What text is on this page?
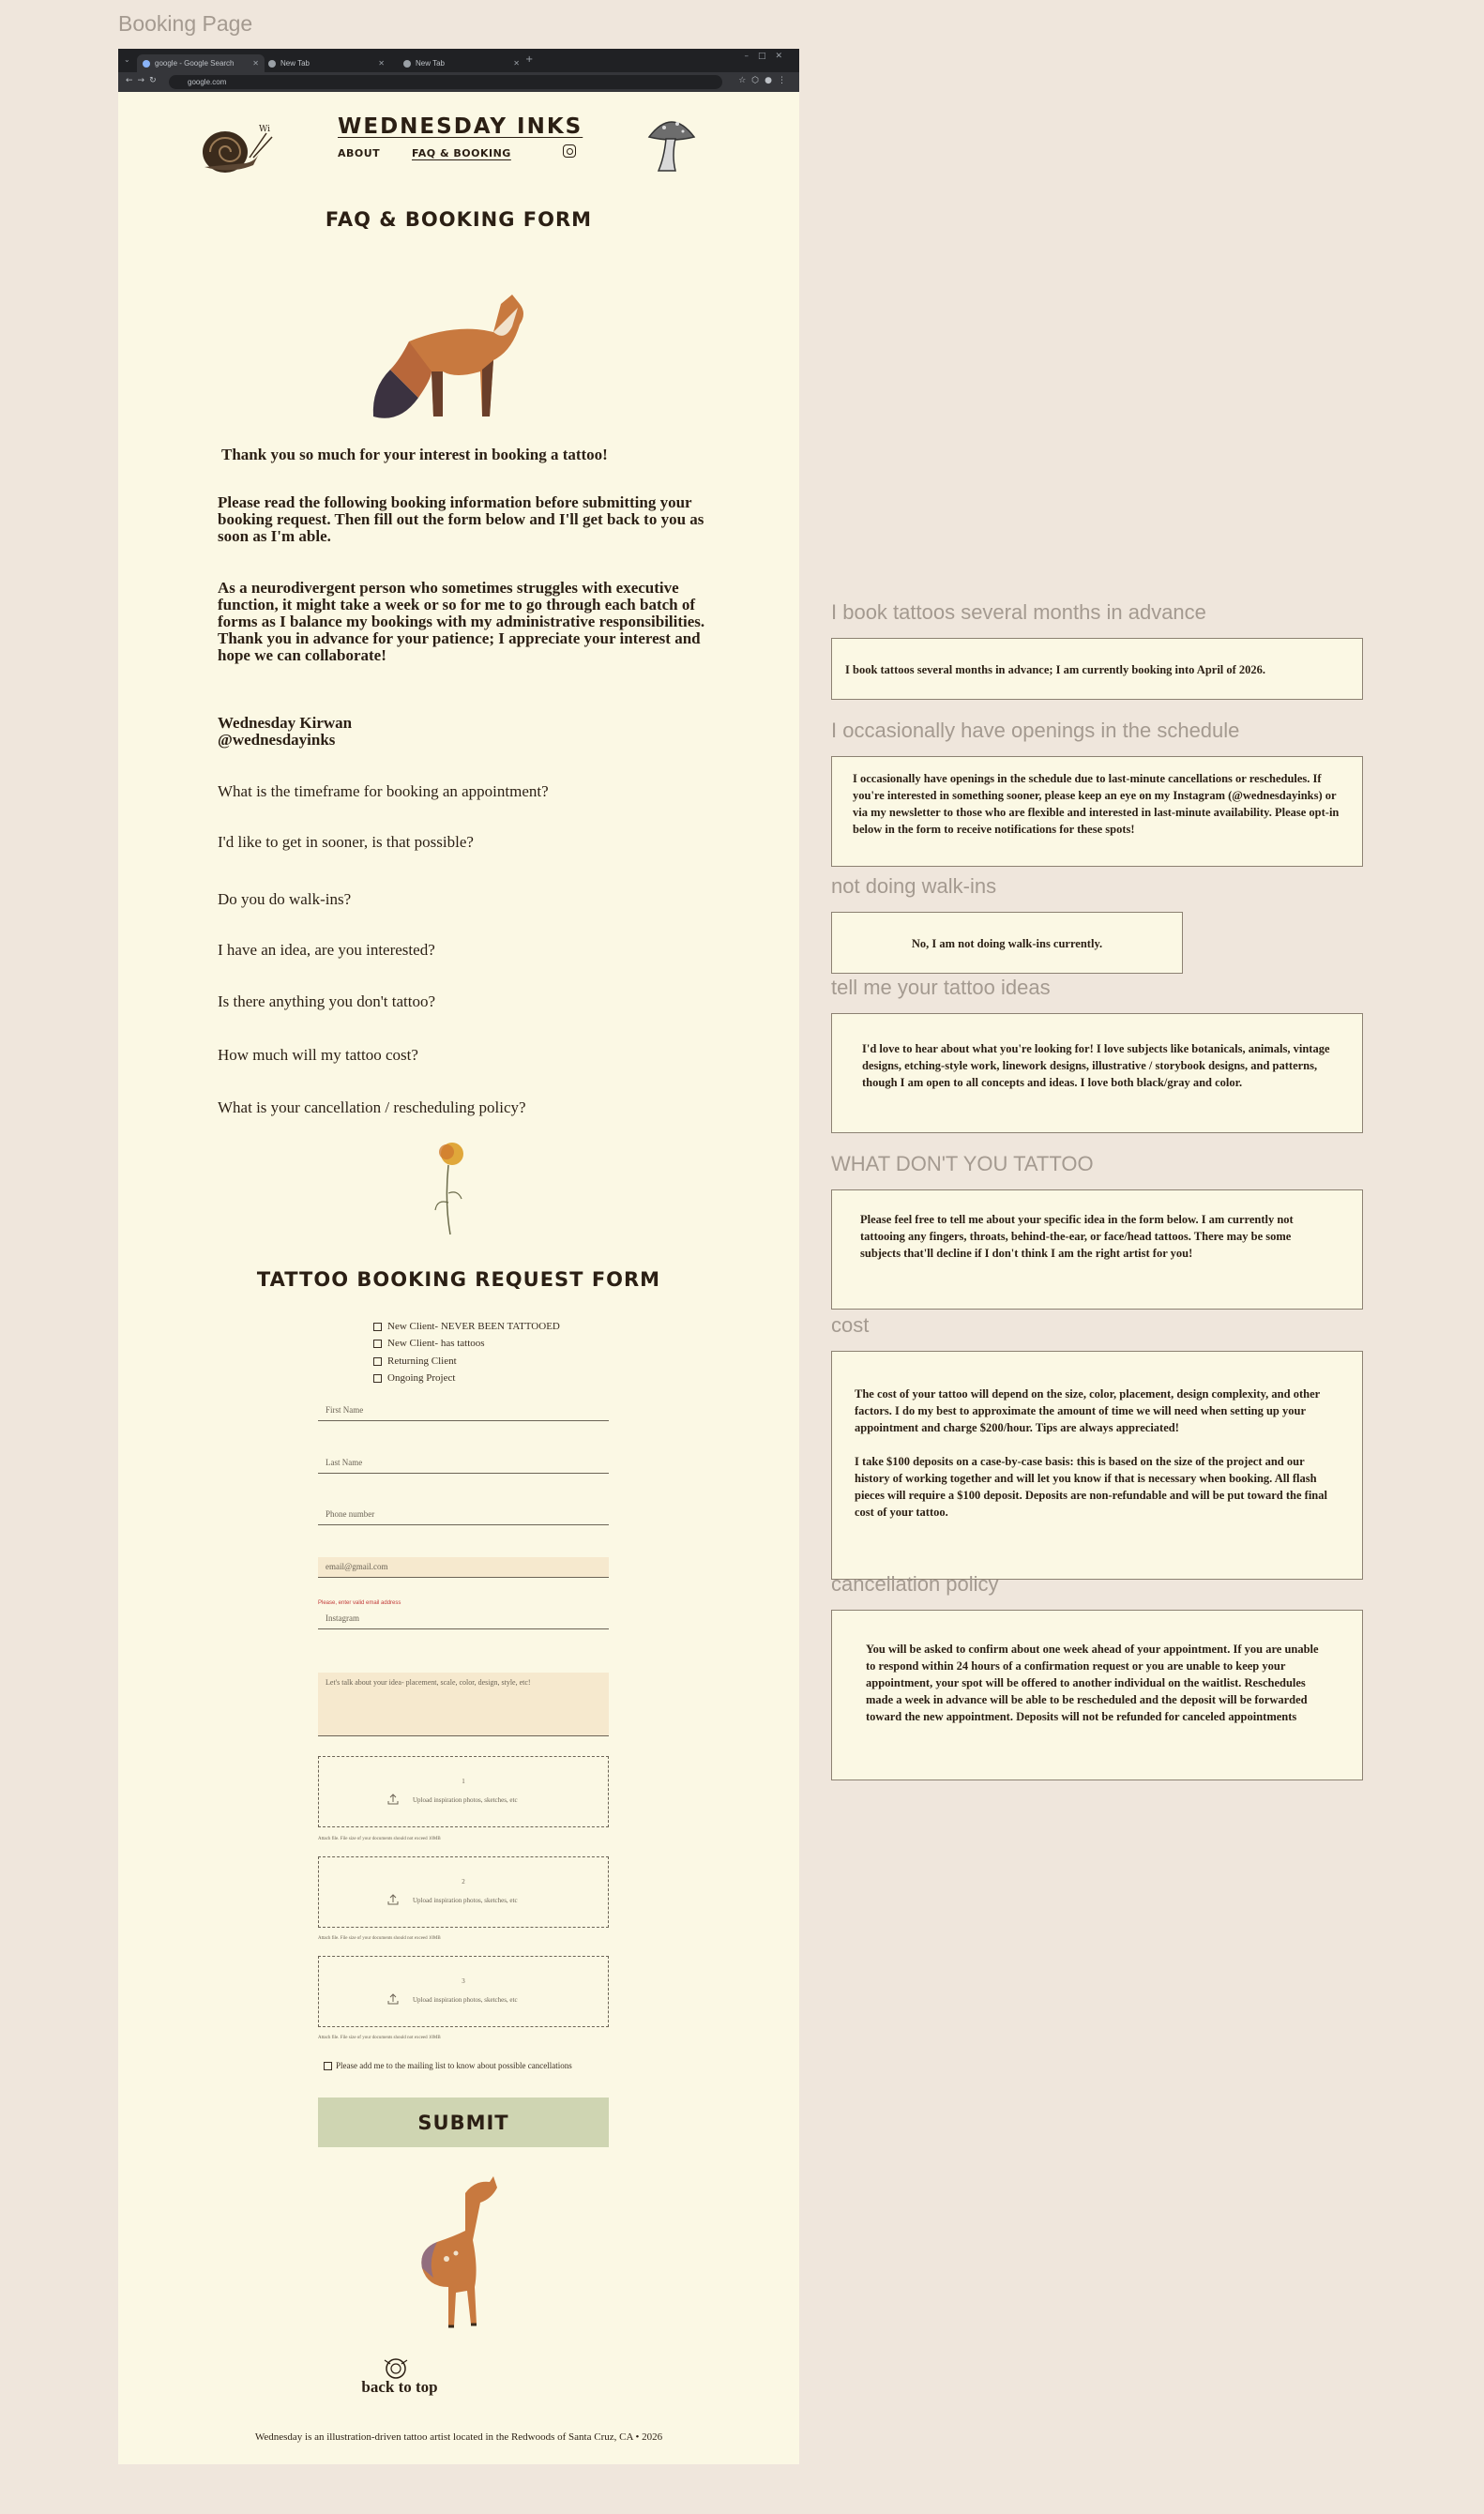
Booking Page
⌄	google - Google Search ✕	New Tab	✕	New Tab	✕ +	–□✕
←→↻	google.com	☆⬡●⋮
Wi	WEDNESDAY INKS
ABOUT	FAQ & BOOKING
FAQ & BOOKING FORM
Thank you so much for your interest in booking a tattoo!
Please read the following booking information before submitting your booking request. Then fill out the form below and I'll get back to you as soon as I'm able.
As a neurodivergent person who sometimes struggles with executive function, it might take a week or so for me to go through each batch of forms as I balance my bookings with my administrative responsibilities. Thank you in advance for your patience; I appreciate your interest and hope we can collaborate!
Wednesday Kirwan
@wednesdayinks
What is the timeframe for booking an appointment?
I'd like to get in sooner, is that possible?
Do you do walk-ins?
I have an idea, are you interested?
Is there anything you don't tattoo?
How much will my tattoo cost?
What is your cancellation / rescheduling policy?
TATTOO BOOKING REQUEST FORM
New Client- NEVER BEEN TATTOOED
New Client- has tattoos
Returning Client
Ongoing Project
First Name
Last Name
Phone number
email@gmail.com
Please, enter valid email address
Instagram
Let's talk about your idea- placement, scale, color, design, style, etc!
1
Upload inspiration photos, sketches, etc
Attach file. File size of your documents should not exceed 10MB
2
Upload inspiration photos, sketches, etc
Attach file. File size of your documents should not exceed 10MB
3
Upload inspiration photos, sketches, etc
Attach file. File size of your documents should not exceed 10MB
Please add me to the mailing list to know about possible cancellations
SUBMIT
back to top
Wednesday is an illustration-driven tattoo artist located in the Redwoods of Santa Cruz, CA • 2026
I book tattoos several months in advance
I book tattoos several months in advance; I am currently booking into April of 2026.
I occasionally have openings in the schedule
I occasionally have openings in the schedule due to last-minute cancellations or reschedules. If you're interested in something sooner, please keep an eye on my Instagram (@wednesdayinks) or via my newsletter to those who are flexible and interested in last-minute availability. Please opt-in below in the form to receive notifications for these spots!
not doing walk-ins
No, I am not doing walk-ins currently.
tell me your tattoo ideas
I'd love to hear about what you're looking for! I love subjects like botanicals, animals, vintage designs, etching-style work, linework designs, illustrative / storybook designs, and patterns, though I am open to all concepts and ideas. I love both black/gray and color.
WHAT DON'T YOU TATTOO
Please feel free to tell me about your specific idea in the form below. I am currently not tattooing any fingers, throats, behind-the-ear, or face/head tattoos. There may be some subjects that'll decline if I don't think I am the right artist for you!
cost
The cost of your tattoo will depend on the size, color, placement, design complexity, and other factors. I do my best to approximate the amount of time we will need when setting up your appointment and charge $200/hour. Tips are always appreciated!
I take $100 deposits on a case-by-case basis: this is based on the size of the project and our history of working together and will let you know if that is necessary when booking. All flash pieces will require a $100 deposit. Deposits are non-refundable and will be put toward the final cost of your tattoo.
cancellation policy
You will be asked to confirm about one week ahead of your appointment. If you are unable to respond within 24 hours of a confirmation request or you are unable to keep your appointment, your spot will be offered to another individual on the waitlist. Reschedules made a week in advance will be able to be rescheduled and the deposit will be forwarded toward the new appointment. Deposits will not be refunded for canceled appointments
